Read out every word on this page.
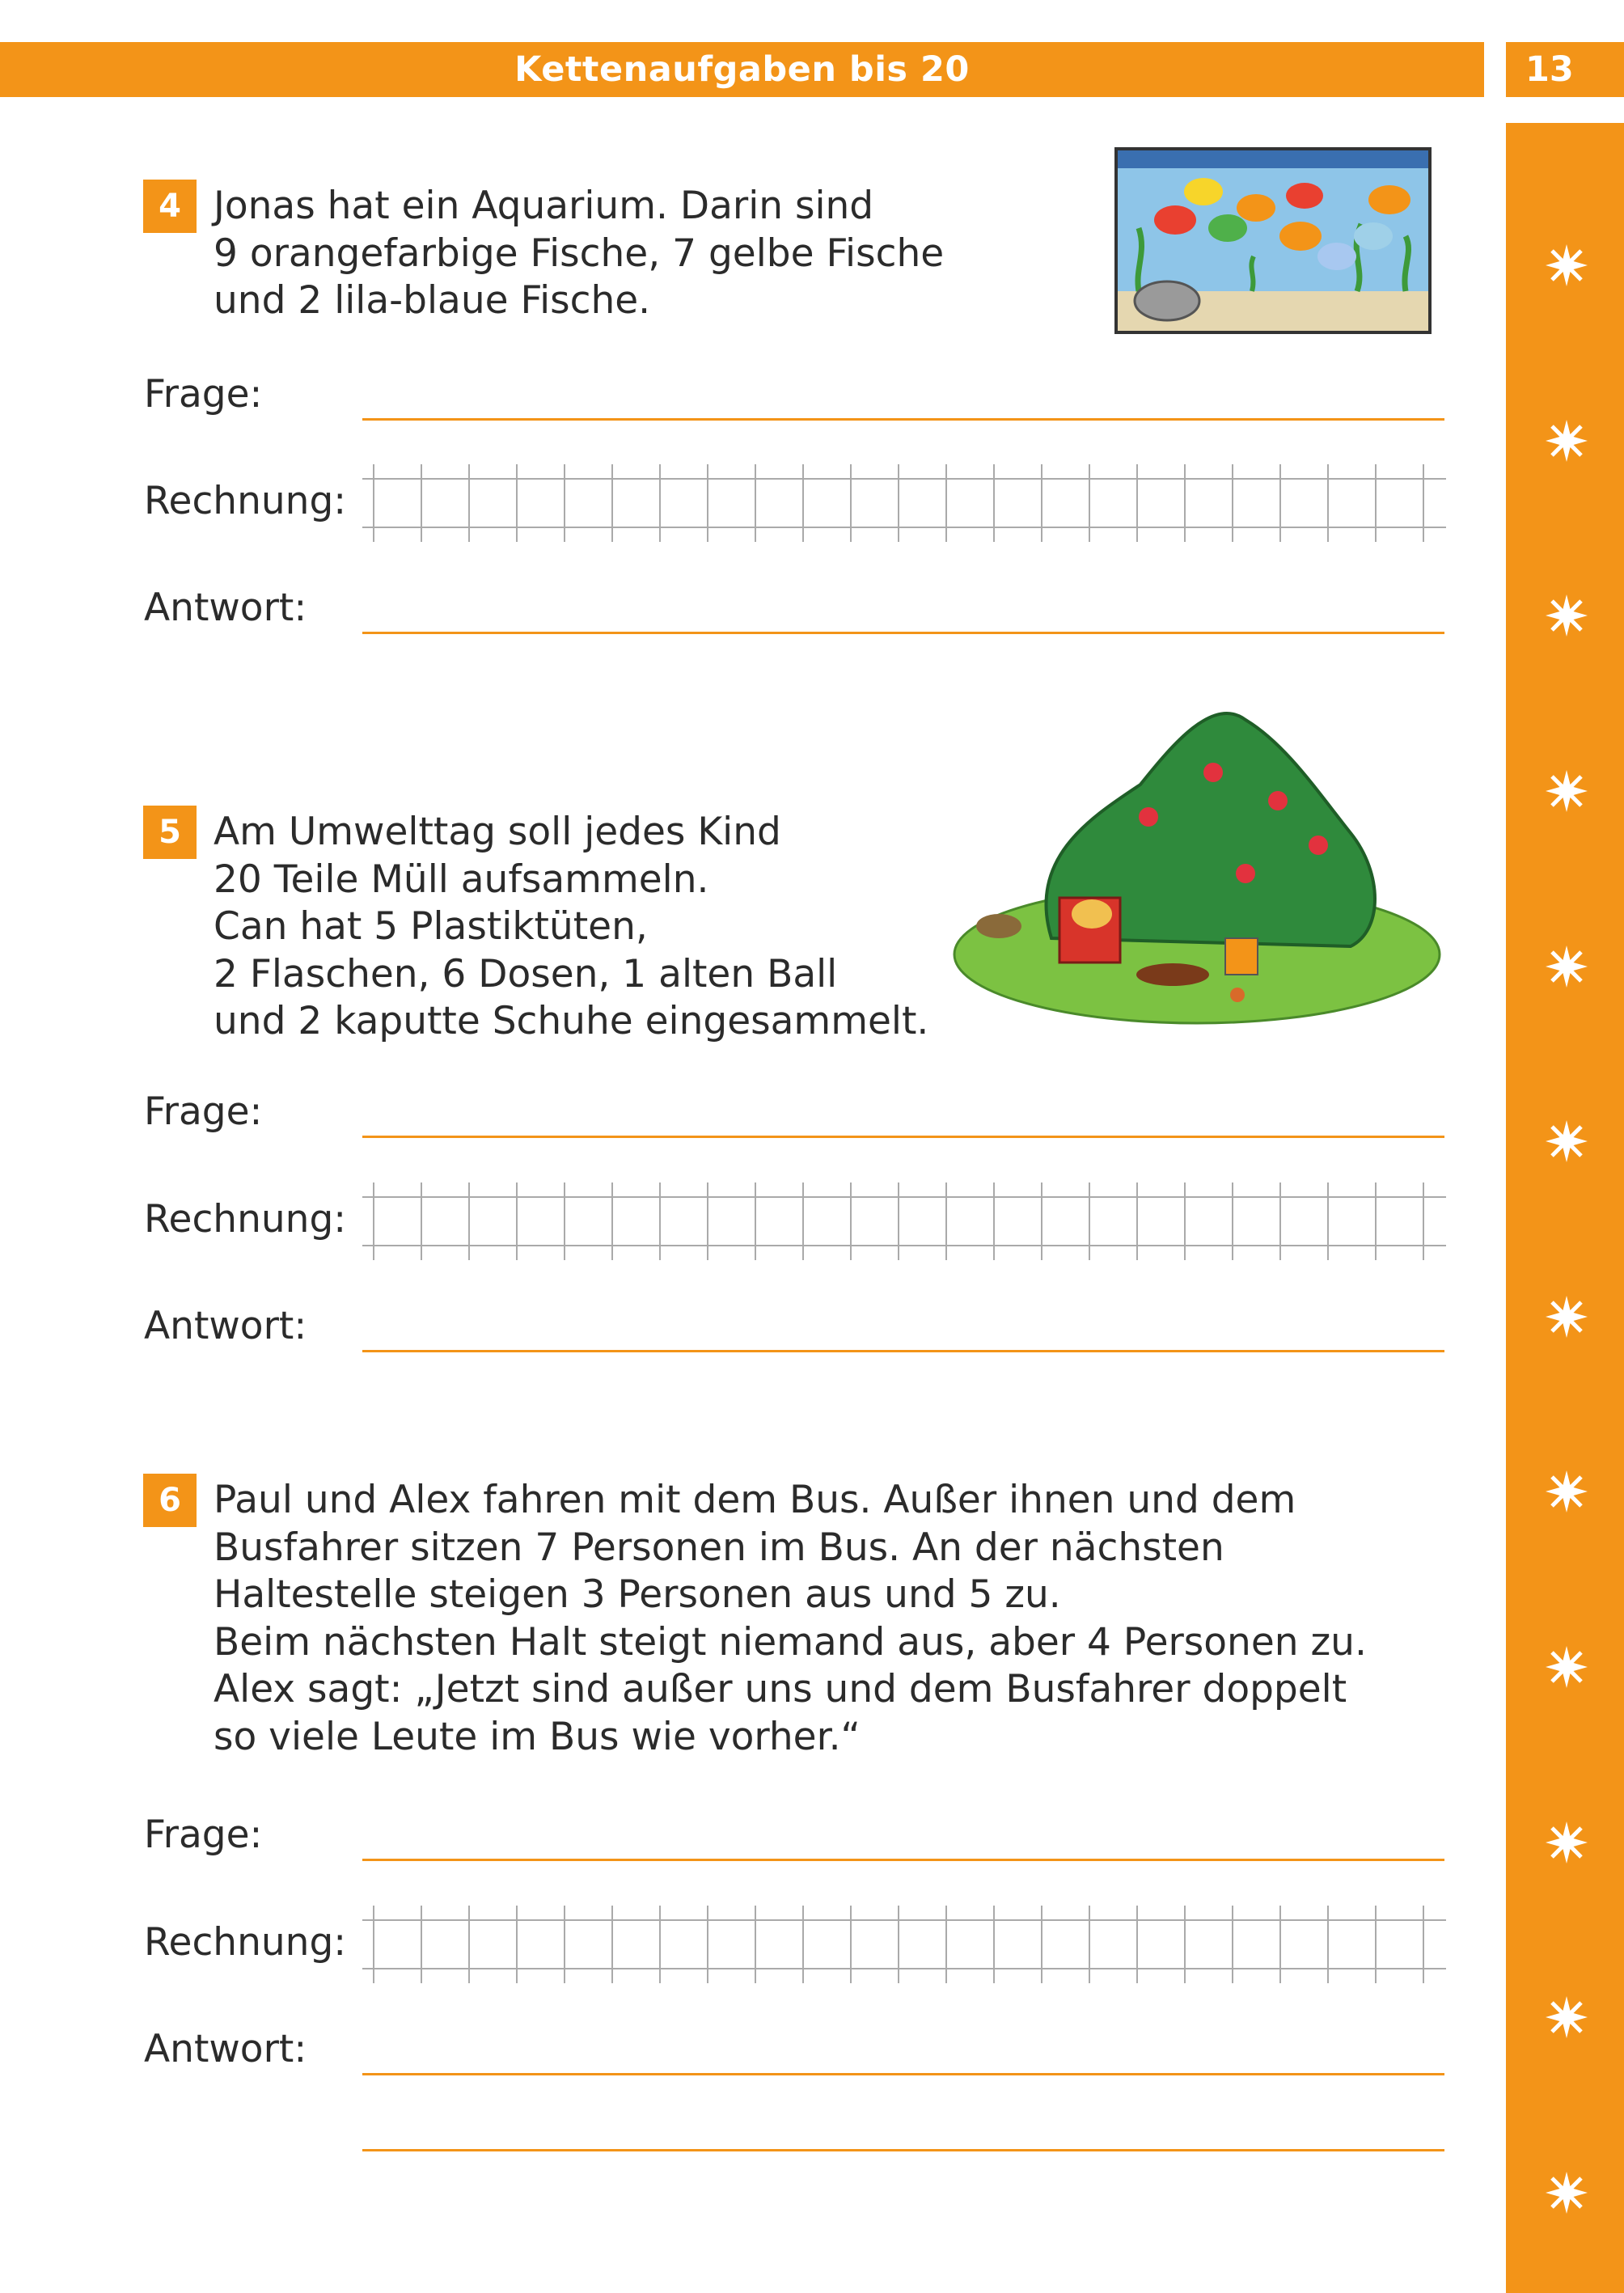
Kettenaufgaben bis 20	13
4 Jonas hat ein Aquarium. Darin sind
9 orangefarbige Fische, 7 gelbe Fische
und 2 lila-blaue Fische.
Frage:
Rechnung:
Antwort:
5 Am Umwelttag soll jedes Kind
20 Teile Müll aufsammeln.
Can hat 5 Plastiktüten,
2 Flaschen, 6 Dosen, 1 alten Ball
und 2 kaputte Schuhe eingesammelt.
Frage:
Rechnung:
Antwort:
6 Paul und Alex fahren mit dem Bus. Außer ihnen und dem
Busfahrer sitzen 7 Personen im Bus. An der nächsten
Haltestelle steigen 3 Personen aus und 5 zu.
Beim nächsten Halt steigt niemand aus, aber 4 Personen zu.
Alex sagt: „Jetzt sind außer uns und dem Busfahrer doppelt
so viele Leute im Bus wie vorher.“
Frage:
Rechnung:
Antwort:
